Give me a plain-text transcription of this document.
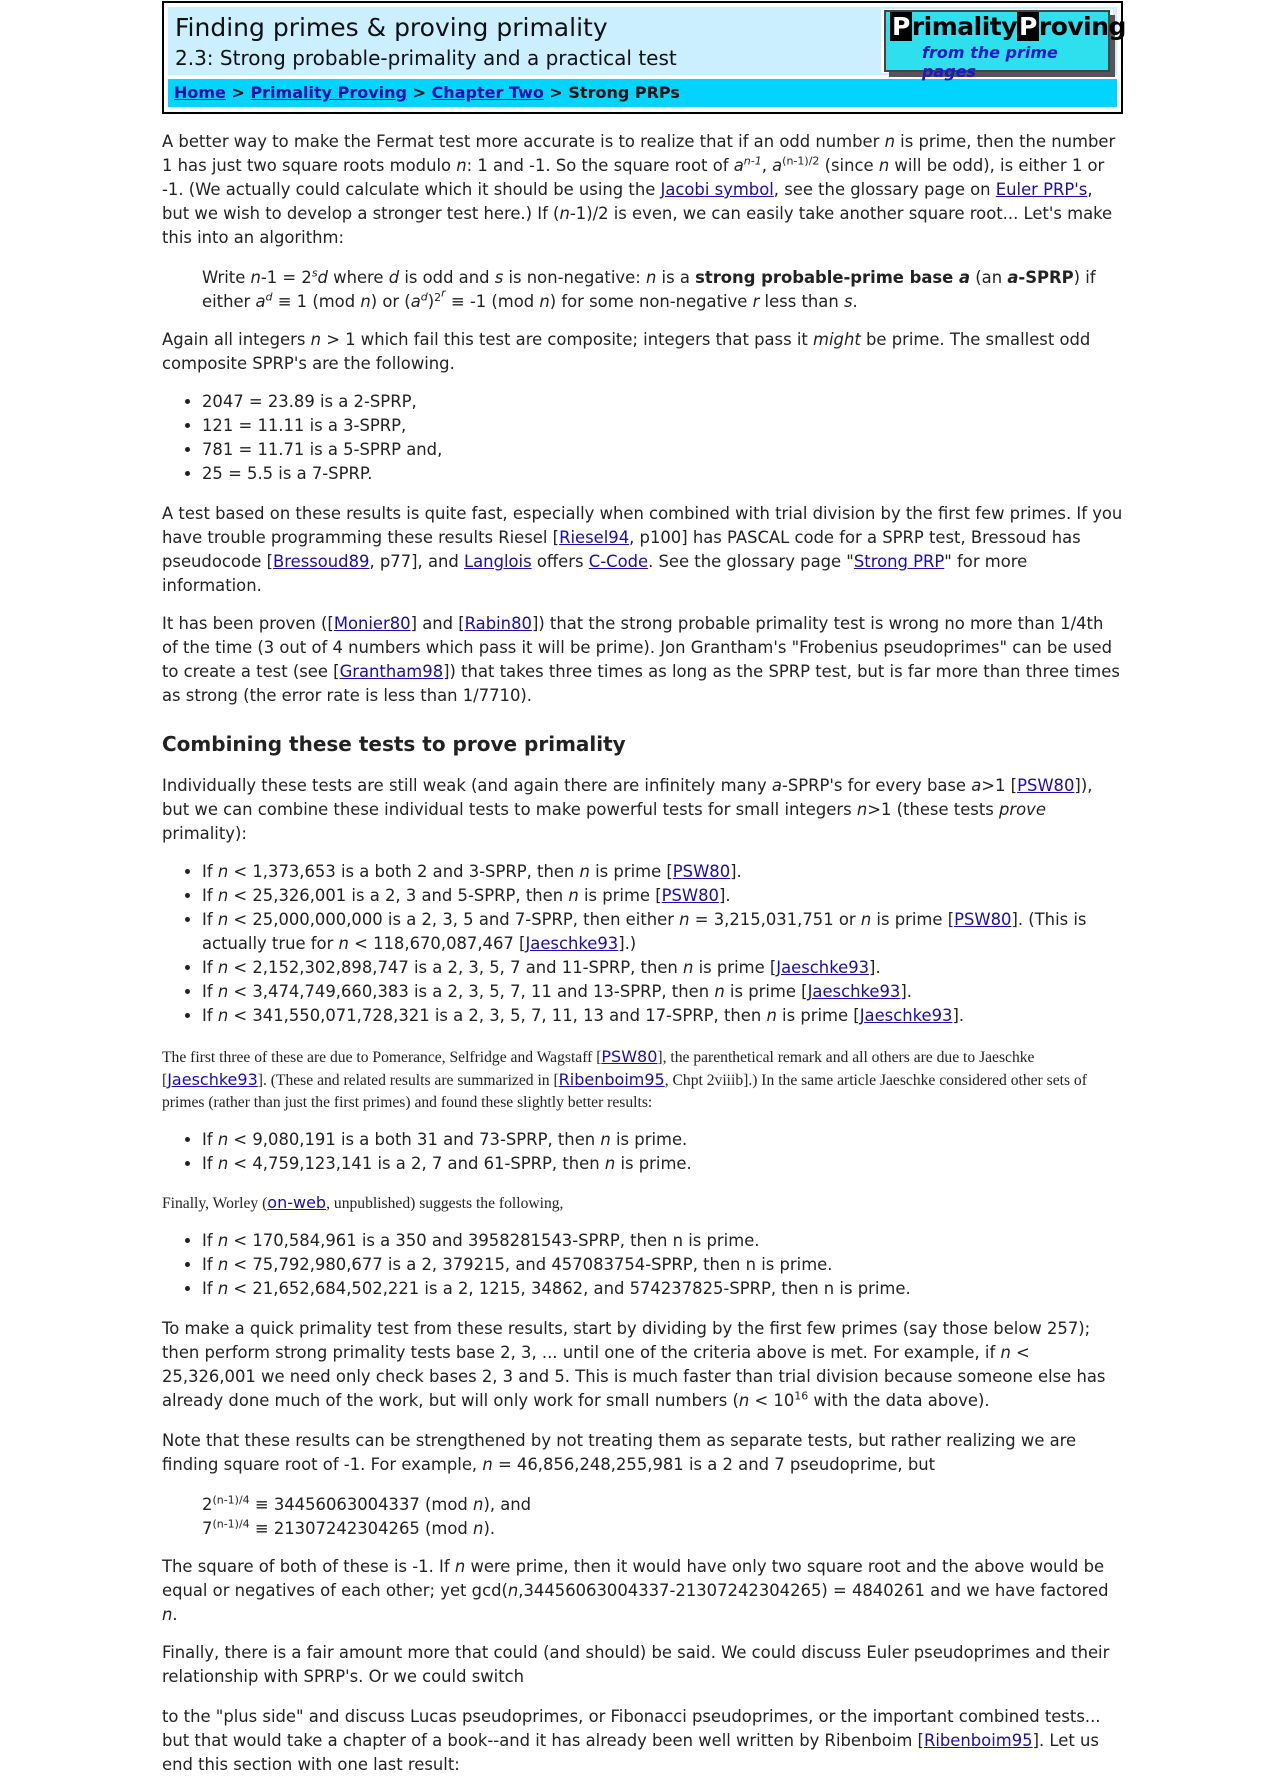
Finding primes & proving primality
2.3: Strong probable-primality and a practical test
PrimalityProving
from the prime pages
Home > Primality Proving > Chapter Two > Strong PRPs

A better way to make the Fermat test more accurate is to realize that if an odd number n is prime, then the number 1 has just two square roots modulo n: 1 and -1. So the square root of $a^{n-1}$, $a^{(n-1)/2}$ (since n will be odd), is either 1 or -1. (We actually could calculate which it should be using the Jacobi symbol, see the glossary page on Euler PRP's, but we wish to develop a stronger test here.) If (n-1)/2 is even, we can easily take another square root... Let's make this into an algorithm:

Write $n-1 = 2^sd$ where d is odd and s is non-negative: n is a strong probable-prime base a (an a-SPRP) if either $a^d \equiv 1$ (mod n) or $(a^d)^{2^r} \equiv -1$ (mod n) for some non-negative r less than s.

Again all integers n > 1 which fail this test are composite; integers that pass it might be prime. The smallest odd composite SPRP's are the following.

• 2047 = 23.89 is a 2-SPRP,
• 121 = 11.11 is a 3-SPRP,
• 781 = 11.71 is a 5-SPRP and,
• 25 = 5.5 is a 7-SPRP.

A test based on these results is quite fast, especially when combined with trial division by the first few primes. If you have trouble programming these results Riesel [Riesel94, p100] has PASCAL code for a SPRP test, Bressoud has pseudocode [Bressoud89, p77], and Langlois offers C-Code. See the glossary page "Strong PRP" for more information.

It has been proven ([Monier80] and [Rabin80]) that the strong probable primality test is wrong no more than 1/4th of the time (3 out of 4 numbers which pass it will be prime). Jon Grantham's "Frobenius pseudoprimes" can be used to create a test (see [Grantham98]) that takes three times as long as the SPRP test, but is far more than three times as strong (the error rate is less than 1/7710).

Combining these tests to prove primality

Individually these tests are still weak (and again there are infinitely many a-SPRP's for every base a>1 [PSW80]), but we can combine these individual tests to make powerful tests for small integers n>1 (these tests prove primality):

• If n < 1,373,653 is a both 2 and 3-SPRP, then n is prime [PSW80].
• If n < 25,326,001 is a 2, 3 and 5-SPRP, then n is prime [PSW80].
• If n < 25,000,000,000 is a 2, 3, 5 and 7-SPRP, then either n = 3,215,031,751 or n is prime [PSW80]. (This is actually true for n < 118,670,087,467 [Jaeschke93].)
• If n < 2,152,302,898,747 is a 2, 3, 5, 7 and 11-SPRP, then n is prime [Jaeschke93].
• If n < 3,474,749,660,383 is a 2, 3, 5, 7, 11 and 13-SPRP, then n is prime [Jaeschke93].
• If n < 341,550,071,728,321 is a 2, 3, 5, 7, 11, 13 and 17-SPRP, then n is prime [Jaeschke93].

The first three of these are due to Pomerance, Selfridge and Wagstaff [PSW80], the parenthetical remark and all others are due to Jaeschke [Jaeschke93]. (These and related results are summarized in [Ribenboim95, Chpt 2viiib].) In the same article Jaeschke considered other sets of primes (rather than just the first primes) and found these slightly better results:

• If n < 9,080,191 is a both 31 and 73-SPRP, then n is prime.
• If n < 4,759,123,141 is a 2, 7 and 61-SPRP, then n is prime.

Finally, Worley (on-web, unpublished) suggests the following,

• If n < 170,584,961 is a 350 and 3958281543-SPRP, then n is prime.
• If n < 75,792,980,677 is a 2, 379215, and 457083754-SPRP, then n is prime.
• If n < 21,652,684,502,221 is a 2, 1215, 34862, and 574237825-SPRP, then n is prime.

To make a quick primality test from these results, start by dividing by the first few primes (say those below 257); then perform strong primality tests base 2, 3, ... until one of the criteria above is met. For example, if n < 25,326,001 we need only check bases 2, 3 and 5. This is much faster than trial division because someone else has already done much of the work, but will only work for small numbers ($n < 10^{16}$ with the data above).

Note that these results can be strengthened by not treating them as separate tests, but rather realizing we are finding square root of -1. For example, n = 46,856,248,255,981 is a 2 and 7 pseudoprime, but

$2^{(n-1)/4} \equiv 34456063004337$ (mod n), and
$7^{(n-1)/4} \equiv 21307242304265$ (mod n).

The square of both of these is -1. If n were prime, then it would have only two square root and the above would be equal or negatives of each other; yet gcd(n,34456063004337-21307242304265) = 4840261 and we have factored n.

Finally, there is a fair amount more that could (and should) be said. We could discuss Euler pseudoprimes and their relationship with SPRP's. Or we could switch

to the "plus side" and discuss Lucas pseudoprimes, or Fibonacci pseudoprimes, or the important combined tests... but that would take a chapter of a book--and it has already been well written by Ribenboim [Ribenboim95]. Let us end this section with one last result:
